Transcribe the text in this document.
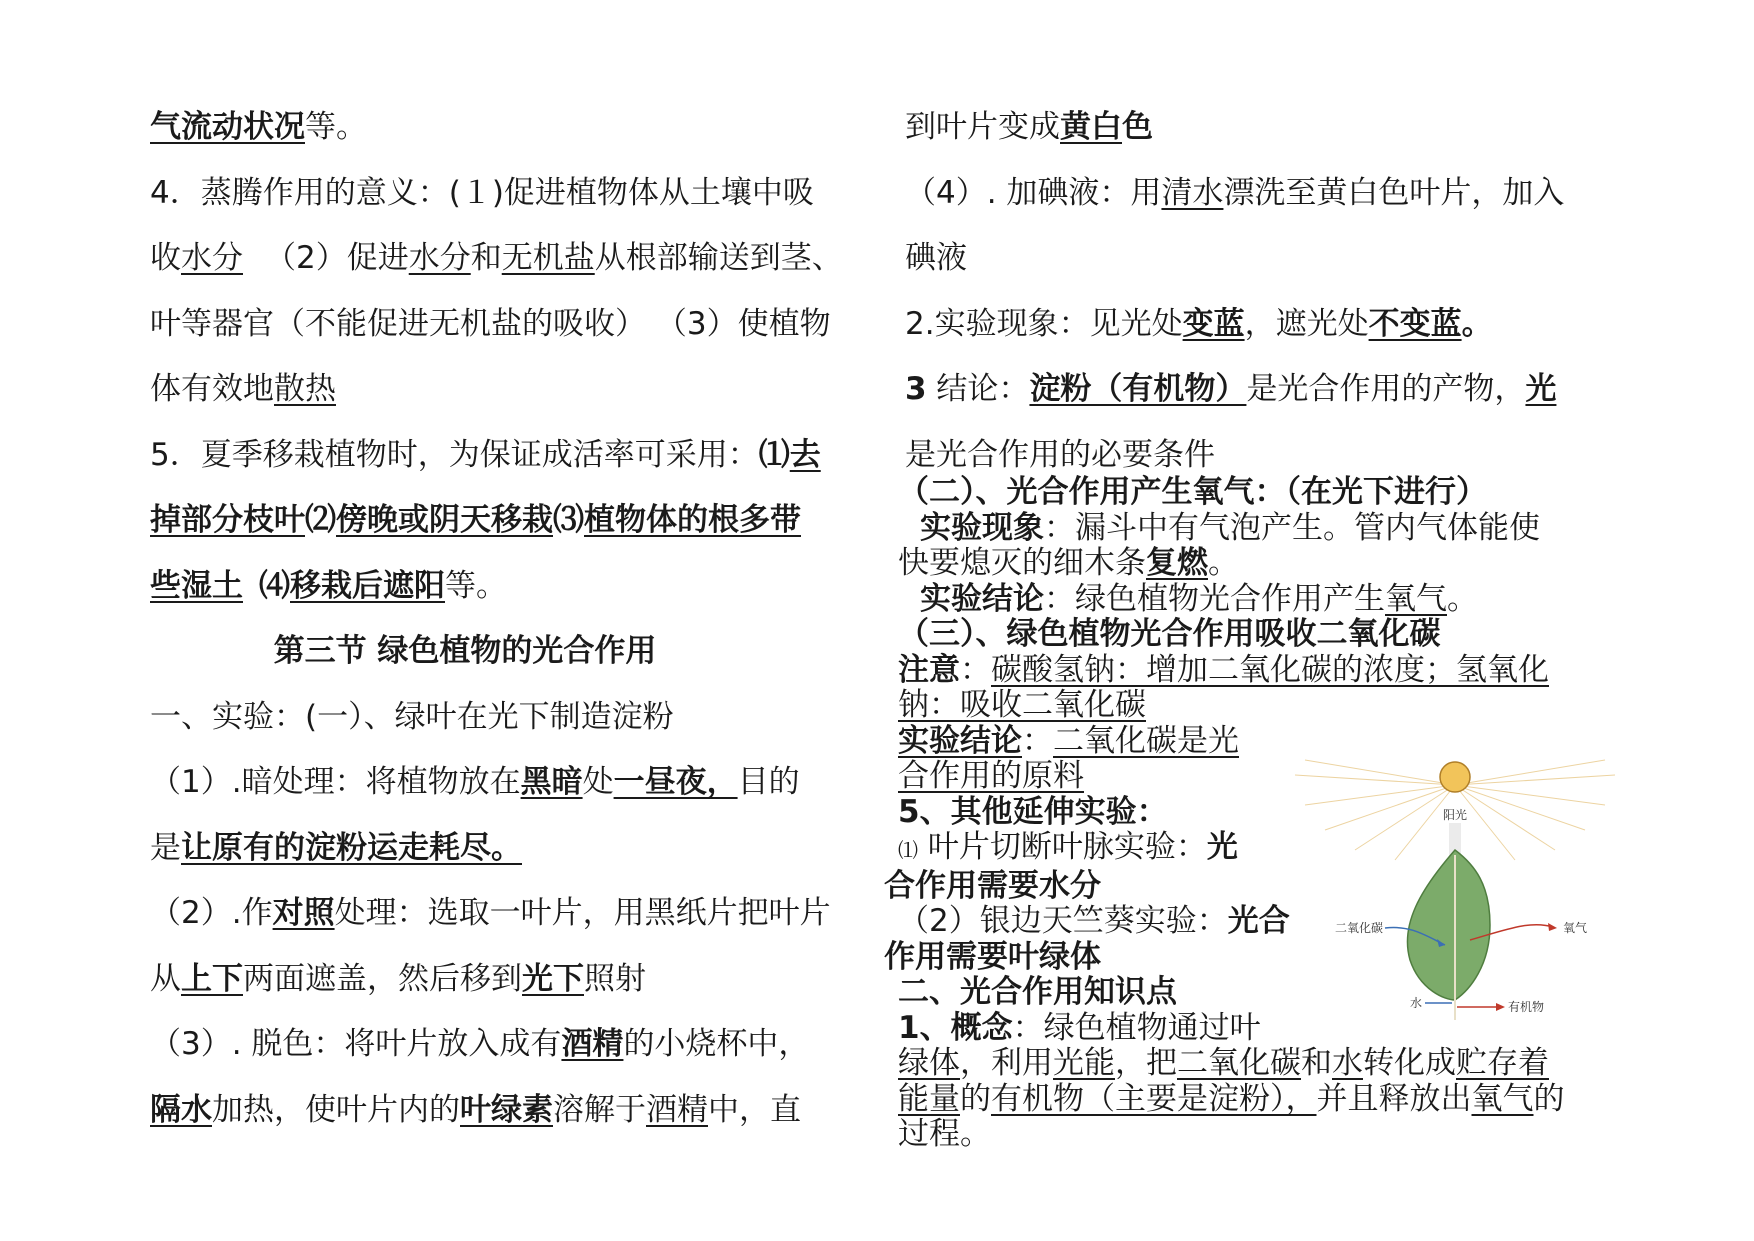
气流动状况等。

4．蒸腾作用的意义：(１)促进植物体从土壤中吸

收水分 （2）促进水分和无机盐从根部输送到茎、

叶等器官（不能促进无机盐的吸收） （3）使植物

体有效地散热

5．夏季移栽植物时，为保证成活率可采用：⑴去

掉部分枝叶⑵傍晚或阴天移栽⑶植物体的根多带

些湿土 ⑷移栽后遮阳等。

第三节 绿色植物的光合作用

一、实验：(一）、绿叶在光下制造淀粉

（1）.暗处理：将植物放在黑暗处一昼夜，目的

是让原有的淀粉运走耗尽。

（2）.作对照处理：选取一叶片，用黑纸片把叶片

从上下两面遮盖，然后移到光下照射

（3）. 脱色：将叶片放入成有酒精的小烧杯中，

隔水加热，使叶片内的叶绿素溶解于酒精中，直

到叶片变成黄白色

（4）. 加碘液：用清水漂洗至黄白色叶片，加入

碘液

2.实验现象：见光处变蓝，遮光处不变蓝。

3 结论：淀粉（有机物）是光合作用的产物，光

是光合作用的必要条件

（二）、光合作用产生氧气：（在光下进行）

实验现象：漏斗中有气泡产生。管内气体能使

快要熄灭的细木条复燃。

实验结论：绿色植物光合作用产生氧气。

（三）、绿色植物光合作用吸收二氧化碳

注意：碳酸氢钠：增加二氧化碳的浓度；氢氧化

钠：吸收二氧化碳

实验结论：二氧化碳是光

合作用的原料

5、其他延伸实验：

⑴ 叶片切断叶脉实验：光

合作用需要水分

（2）银边天竺葵实验：光合

作用需要叶绿体

二、光合作用知识点

1、概念：绿色植物通过叶

绿体，利用光能，把二氧化碳和水转化成贮存着

能量的有机物（主要是淀粉），并且释放出氧气的

过程。

阳光
二氧化碳	氧气
水	有机物
